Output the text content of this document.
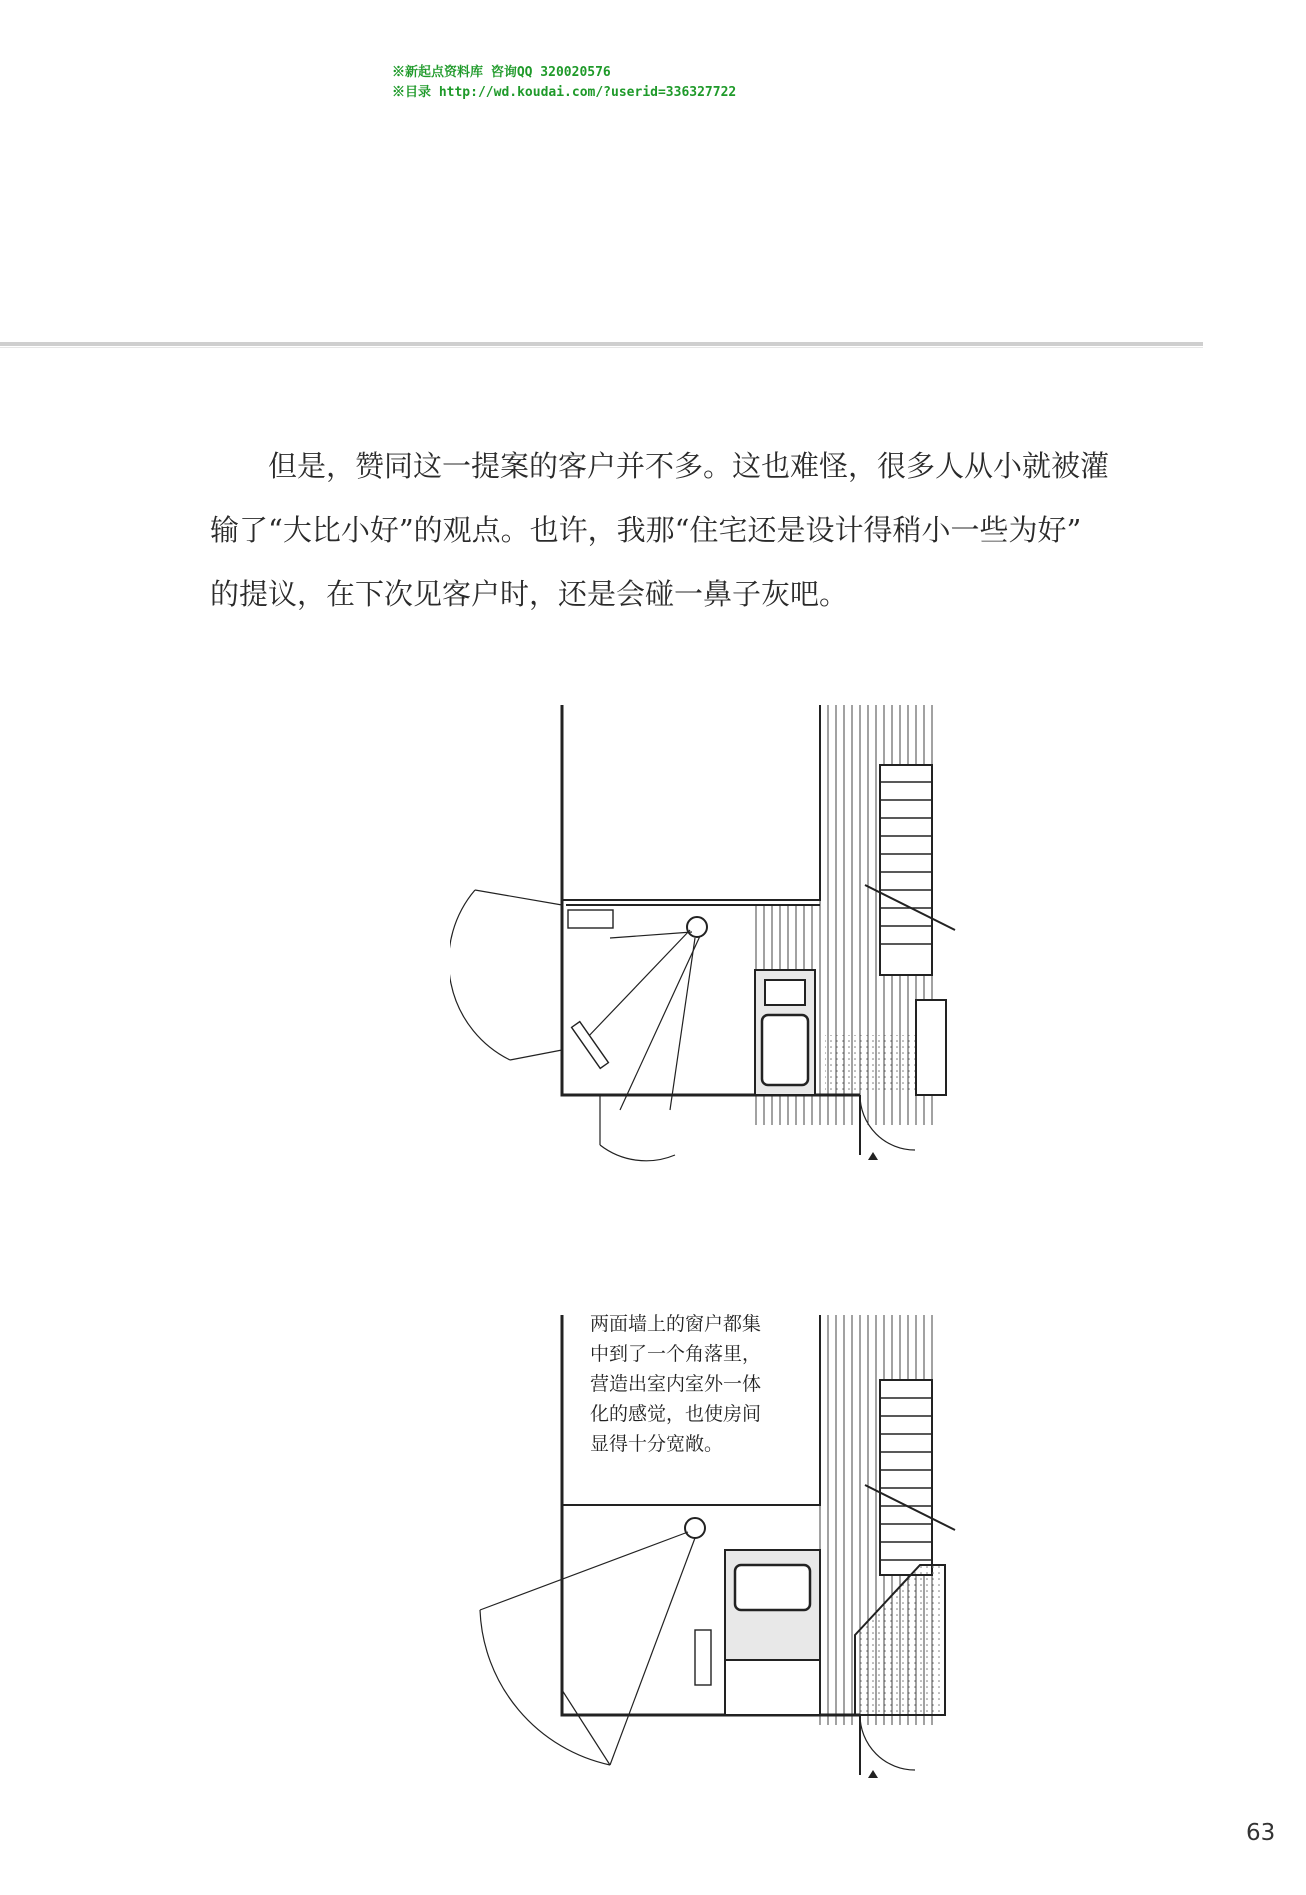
※新起点资料库 咨询QQ 320020576
※目录 http://wd.koudai.com/?userid=336327722

　　但是，赞同这一提案的客户并不多。这也难怪，很多人从小就被灌

输了“大比小好”的观点。也许，我那“住宅还是设计得稍小一些为好”

的提议，在下次见客户时，还是会碰一鼻子灰吧。

两面墙上的窗户都集
中到了一个角落里，
营造出室内室外一体
化的感觉，也使房间
显得十分宽敞。
63
